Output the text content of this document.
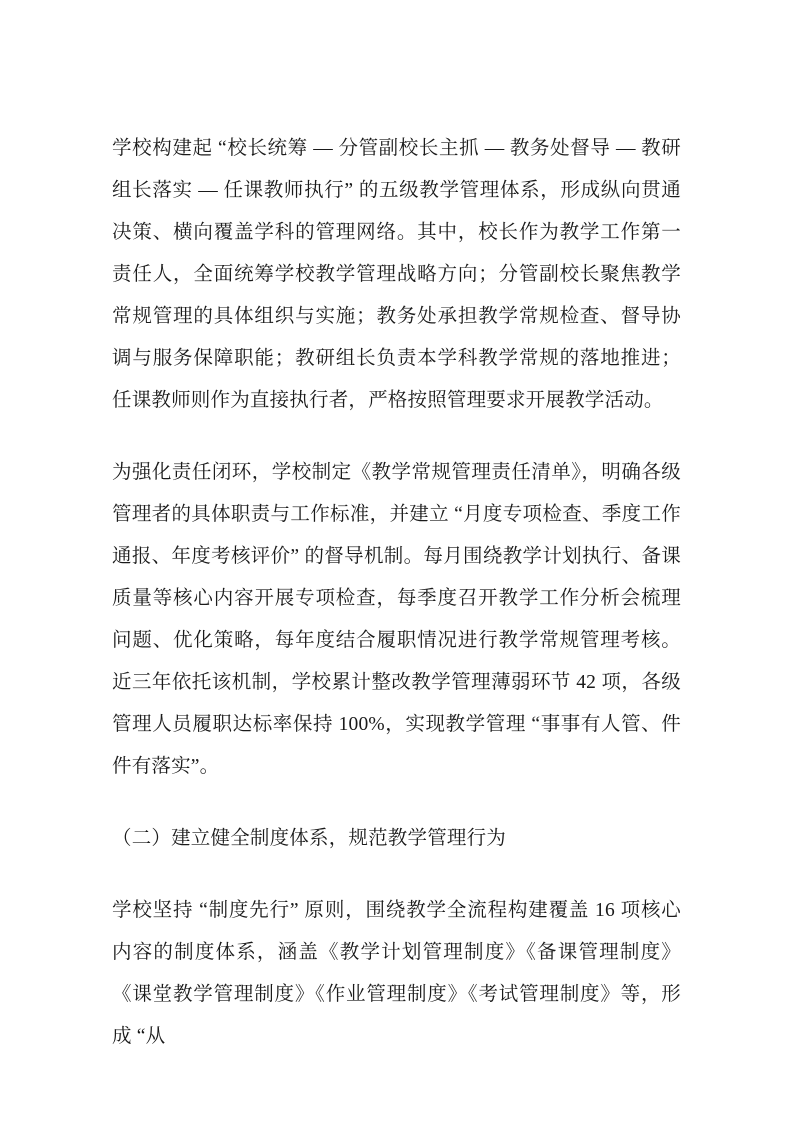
学校构建起 “校长统筹 — 分管副校长主抓 — 教务处督导 — 教研组长落实 — 任课教师执行” 的五级教学管理体系，形成纵向贯通决策、横向覆盖学科的管理网络。其中，校长作为教学工作第一责任人，全面统筹学校教学管理战略方向；分管副校长聚焦教学常规管理的具体组织与实施；教务处承担教学常规检查、督导协调与服务保障职能；教研组长负责本学科教学常规的落地推进；任课教师则作为直接执行者，严格按照管理要求开展教学活动。

为强化责任闭环，学校制定《教学常规管理责任清单》，明确各级管理者的具体职责与工作标准，并建立 “月度专项检查、季度工作通报、年度考核评价” 的督导机制。每月围绕教学计划执行、备课质量等核心内容开展专项检查，每季度召开教学工作分析会梳理问题、优化策略，每年度结合履职情况进行教学常规管理考核。近三年依托该机制，学校累计整改教学管理薄弱环节 42 项，各级管理人员履职达标率保持 100%，实现教学管理 “事事有人管、件件有落实”。

（二）建立健全制度体系，规范教学管理行为

学校坚持 “制度先行” 原则，围绕教学全流程构建覆盖 16 项核心内容的制度体系，涵盖《教学计划管理制度》《备课管理制度》《课堂教学管理制度》《作业管理制度》《考试管理制度》等，形成 “从
